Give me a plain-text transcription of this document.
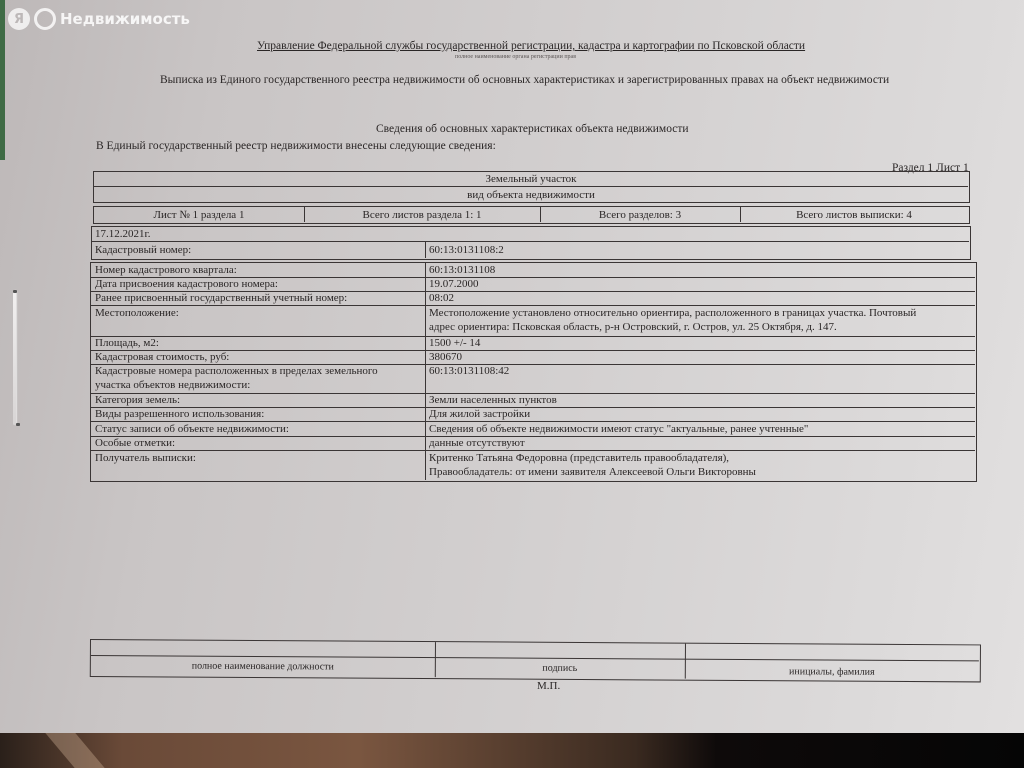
Я	Недвижимость
Управление Федеральной службы государственной регистрации, кадастра и картографии по Псковской области
полное наименование органа регистрации прав
Выписка из Единого государственного реестра недвижимости об основных характеристиках и зарегистрированных правах на объект недвижимости
Сведения об основных характеристиках объекта недвижимости
В Единый государственный реестр недвижимости внесены следующие сведения:
Раздел 1 Лист 1
Земельный участок
вид объекта недвижимости
Лист № 1 раздела 1	Всего листов раздела 1: 1	Всего разделов: 3	Всего листов выписки: 4
17.12.2021г.
Кадастровый номер:	60:13:0131108:2
Номер кадастрового квартала:	60:13:0131108
Дата присвоения кадастрового номера:	19.07.2000
Ранее присвоенный государственный учетный номер:	08:02
Местоположение:	Местоположение установлено относительно ориентира, расположенного в границах участка. Почтовый
адрес ориентира: Псковская область, р-н Островский, г. Остров, ул. 25 Октября, д. 147.
Площадь, м2:	1500 +/- 14
Кадастровая стоимость, руб:	380670
Кадастровые номера расположенных в пределах земельного
участка объектов недвижимости:
60:13:0131108:42
Категория земель:	Земли населенных пунктов
Виды разрешенного использования:	Для жилой застройки
Статус записи об объекте недвижимости:	Сведения об объекте недвижимости имеют статус "актуальные, ранее учтенные"
Особые отметки:	данные отсутствуют
Получатель выписки:	Критенко Татьяна Федоровна (представитель правообладателя),
Правообладатель: от имени заявителя Алексеевой Ольги Викторовны
полное наименование должности	подпись	инициалы, фамилия
М.П.
